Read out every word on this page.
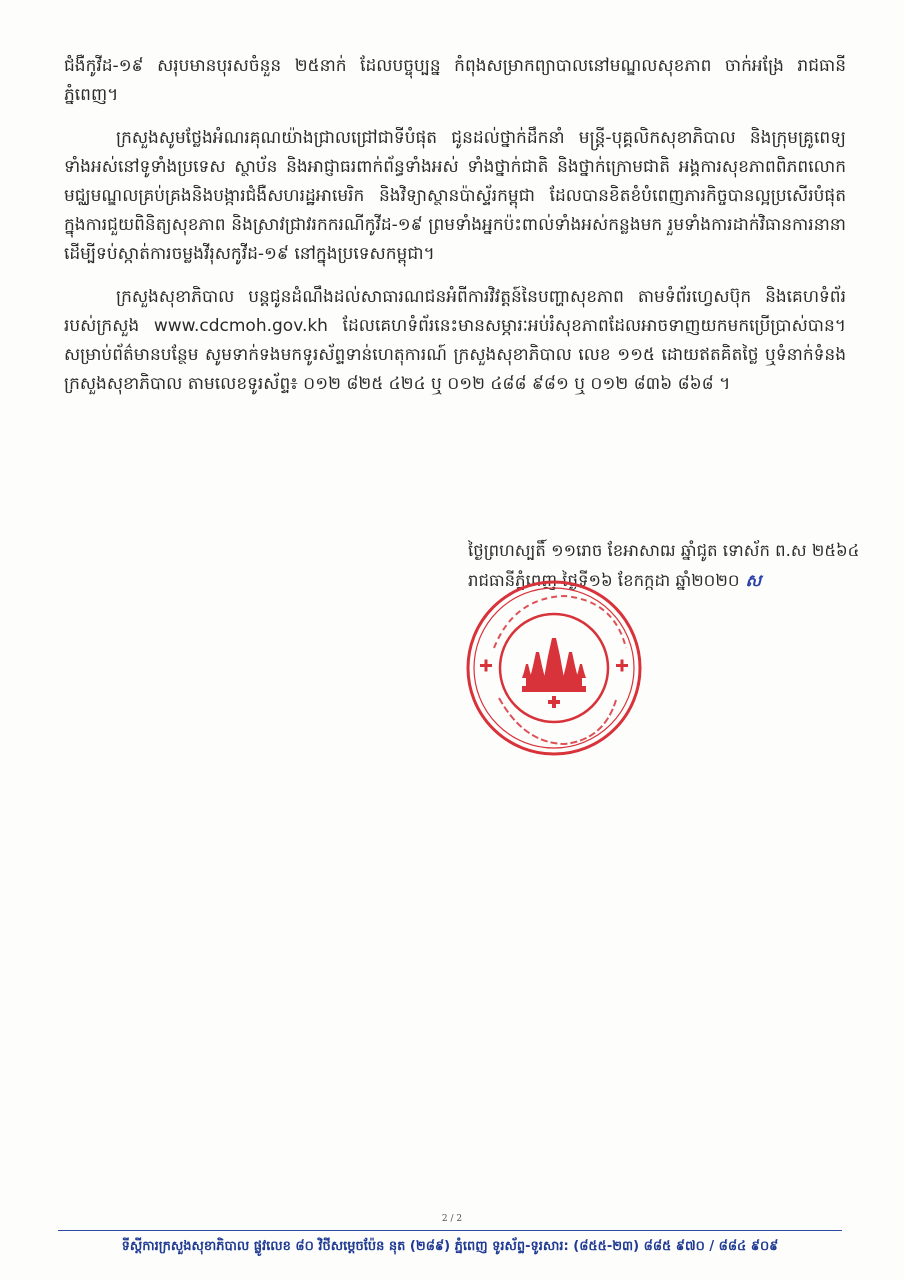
ជំងឺកូវីដ-១៩ សរុបមានបុរសចំនួន ២៥នាក់ ដែលបច្ចុប្បន្ន កំពុងសម្រាកព្យាបាលនៅមណ្ឌលសុខភាព ចាក់អង្រែ រាជធានីភ្នំពេញ។

ក្រសួងសូមថ្លែងអំណរគុណយ៉ាងជ្រាលជ្រៅជាទីបំផុត ជូនដល់ថ្នាក់ដឹកនាំ មន្ត្រី-បុគ្គលិកសុខាភិបាល និងក្រុមគ្រូពេទ្យទាំងអស់នៅទូទាំងប្រទេស ស្ថាប័ន និងអាជ្ញាធរពាក់ព័ន្ធទាំងអស់ ទាំងថ្នាក់ជាតិ និងថ្នាក់ក្រោមជាតិ អង្គការសុខភាពពិភពលោក មជ្ឈមណ្ឌលគ្រប់គ្រងនិងបង្ការជំងឺសហរដ្ឋអាមេរិក និងវិទ្យាស្ថានប៉ាស្ទ័រកម្ពុជា ដែលបានខិតខំបំពេញភារកិច្ចបានល្អប្រសើរបំផុត ក្នុងការជួយពិនិត្យសុខភាព និងស្រាវជ្រាវរកករណីកូវីដ-១៩ ព្រមទាំងអ្នកប៉ះពាល់ទាំងអស់កន្លងមក រួមទាំងការដាក់វិធានការនានា ដើម្បីទប់ស្កាត់ការចម្លងវីរុសកូវីដ-១៩ នៅក្នុងប្រទេសកម្ពុជា។

ក្រសួងសុខាភិបាល បន្តជូនដំណឹងដល់សាធារណជនអំពីការវិវត្តន៍នៃបញ្ហាសុខភាព តាមទំព័រហ្វេសប៊ុក និងគេហទំព័ររបស់ក្រសួង www.cdcmoh.gov.kh ដែលគេហទំព័រនេះមានសម្ភារៈអប់រំសុខភាពដែលអាចទាញយកមកប្រើប្រាស់បាន។ សម្រាប់ព័ត៌មានបន្ថែម សូមទាក់ទងមកទូរស័ព្ទទាន់ហេតុការណ៍ ក្រសួងសុខាភិបាល លេខ ១១៥ ដោយឥតគិតថ្លៃ ឬទំនាក់ទំនងក្រសួងសុខាភិបាល តាមលេខទូរស័ព្ទ៖ ០១២ ៨២៥ ៤២៤ ឬ ០១២ ៤៨៨ ៩៨១ ឬ ០១២ ៨៣៦ ៨៦៨ ។

ថ្ងៃព្រហស្បតិ៍ ១១រោច ខែអាសាឍ ឆ្នាំជូត ទោស័ក ព.ស ២៥៦៤
រាជធានីភ្នំពេញ ថ្ងៃទី១៦ ខែកក្កដា ឆ្នាំ២០២០ ស
2 / 2
ទីស្ដីការក្រសួងសុខាភិបាល ផ្លូវលេខ ៨០ វិថីសម្ដេចប៉ែន នុត (២៨៩) ភ្នំពេញ ទូរស័ព្ទ-ទូរសារ: (៨៥៥-២៣) ៨៨៥ ៩៧០ / ៨៨៤ ៩០៩
